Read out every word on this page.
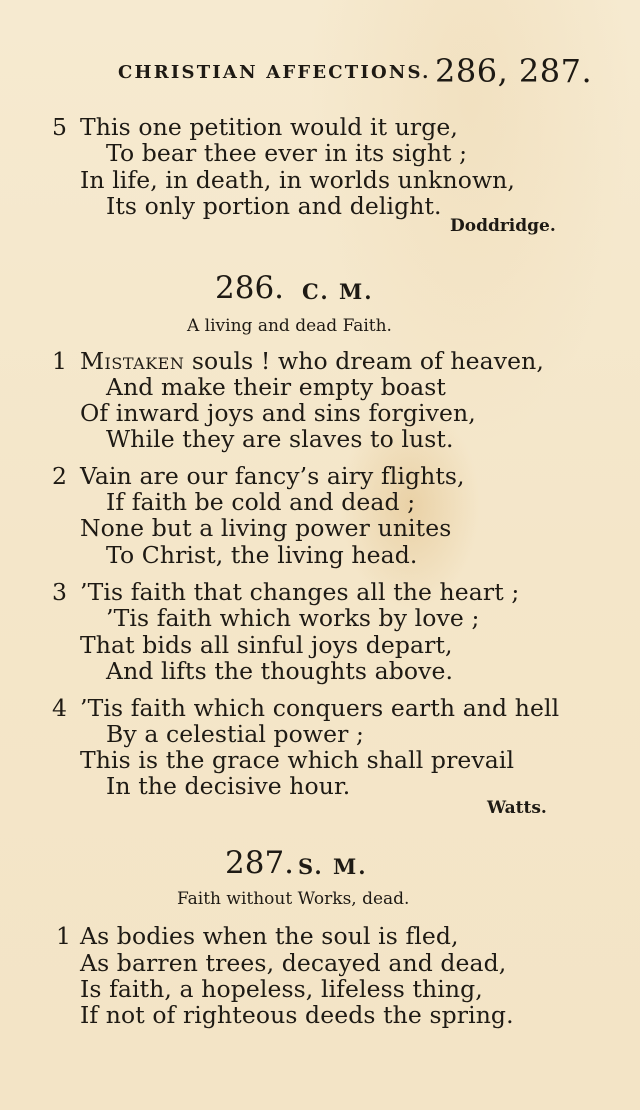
CHRISTIAN AFFECTIONS. 286, 287.
5 This one petition would it urge,
To bear thee ever in its sight ;
In life, in death, in worlds unknown,
Its only portion and delight.
Doddridge.
286. C. M.
A living and dead Faith.
1 Mistaken souls ! who dream of heaven,
And make their empty boast
Of inward joys and sins forgiven,
While they are slaves to lust.
2 Vain are our fancy’s airy flights,
If faith be cold and dead ;
None but a living power unites
To Christ, the living head.
3 ’Tis faith that changes all the heart ;
’Tis faith which works by love ;
That bids all sinful joys depart,
And lifts the thoughts above.
4 ’Tis faith which conquers earth and hell
By a celestial power ;
This is the grace which shall prevail
In the decisive hour.
Watts.
287. S. M.
Faith without Works, dead.
1 As bodies when the soul is fled,
As barren trees, decayed and dead,
Is faith, a hopeless, lifeless thing,
If not of righteous deeds the spring.
